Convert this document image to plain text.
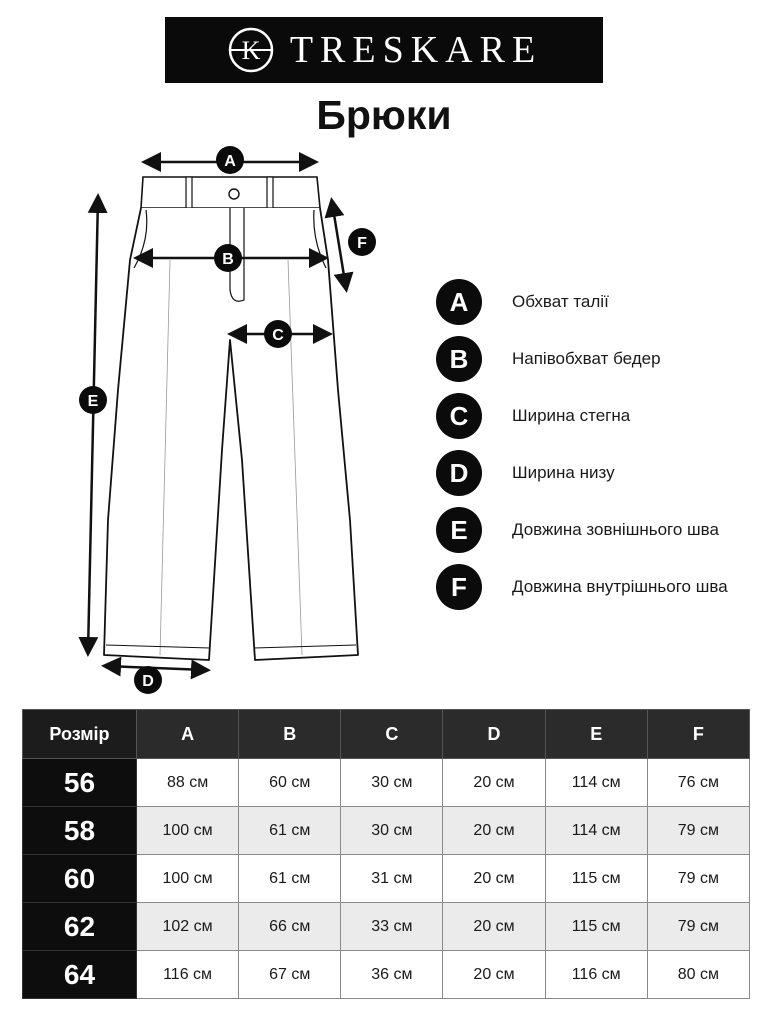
K TRESKARE
Брюки
A
B
C
D
E
F
A	Обхват талії
B	Напівобхват бедер
C	Ширина стегна
D	Ширина низу
E	Довжина зовнішнього шва
F	Довжина внутрішнього шва
Розмір	A	B	C	D	E	F
56	88 см	60 см	30 см	20 см	114 см	76 см
58	100 см	61 см	30 см	20 см	114 см	79 см
60	100 см	61 см	31 см	20 см	115 см	79 см
62	102 см	66 см	33 см	20 см	115 см	79 см
64	116 см	67 см	36 см	20 см	116 см	80 см
